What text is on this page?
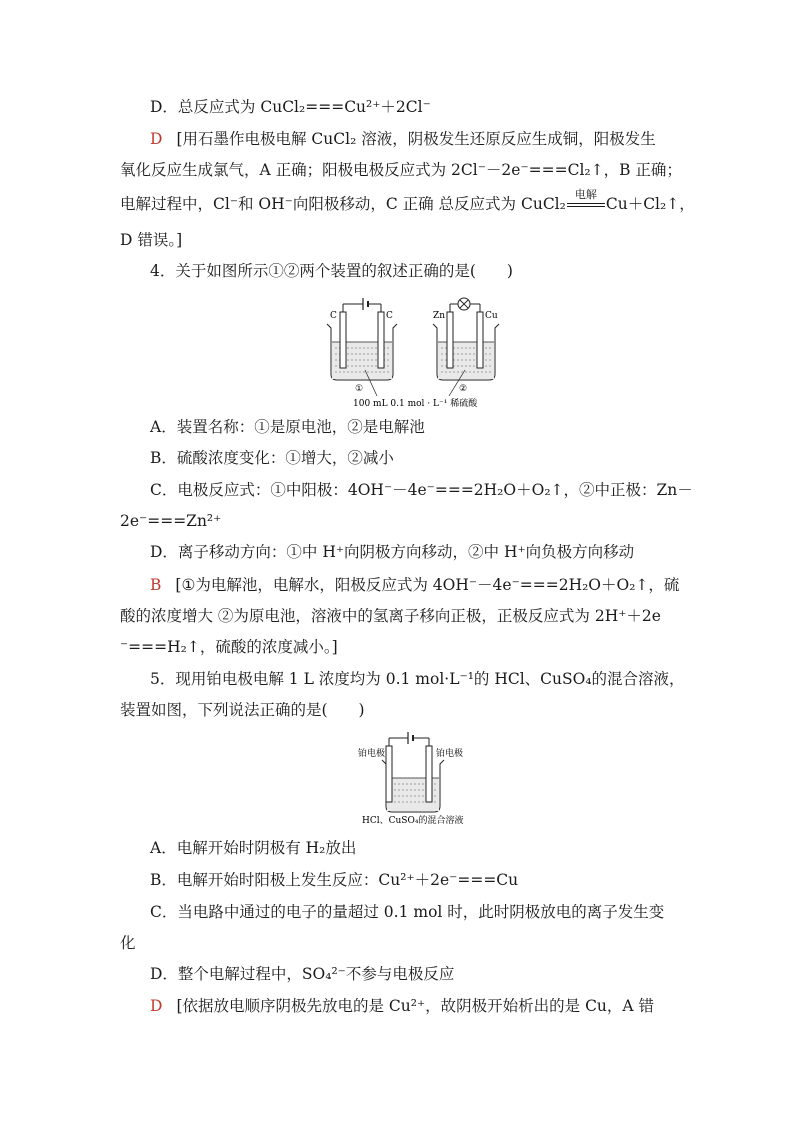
D．总反应式为 CuCl₂===Cu²⁺＋2Cl⁻
D [用石墨作电极电解 CuCl₂ 溶液，阴极发生还原反应生成铜，阳极发生
氧化反应生成氯气，A 正确；阳极电极反应式为 2Cl⁻－2e⁻===Cl₂↑，B 正确；
电解过程中，Cl⁻和 OH⁻向阳极移动，C 正确 总反应式为 CuCl₂
电解
Cu＋Cl₂↑，
D 错误。]
4．关于如图所示①②两个装置的叙述正确的是(　　)
C	C
①
Zn	Cu
②
100 mL 0.1 mol · L⁻¹ 稀硫酸
A．装置名称：①是原电池，②是电解池
B．硫酸浓度变化：①增大，②减小
C．电极反应式：①中阳极：4OH⁻－4e⁻===2H₂O＋O₂↑，②中正极：Zn－
2e⁻===Zn²⁺
D．离子移动方向：①中 H⁺向阴极方向移动，②中 H⁺向负极方向移动
B [①为电解池，电解水，阳极反应式为 4OH⁻－4e⁻===2H₂O＋O₂↑，硫
酸的浓度增大 ②为原电池，溶液中的氢离子移向正极，正极反应式为 2H⁺＋2e
⁻===H₂↑，硫酸的浓度减小。]
5．现用铂电极电解 1 L 浓度均为 0.1 mol·L⁻¹的 HCl、CuSO₄的混合溶液，
装置如图，下列说法正确的是(　　)
铂电极	铂电极
HCl、CuSO₄的混合溶液
A．电解开始时阴极有 H₂放出
B．电解开始时阳极上发生反应：Cu²⁺＋2e⁻===Cu
C．当电路中通过的电子的量超过 0.1 mol 时，此时阴极放电的离子发生变
化
D．整个电解过程中，SO₄²⁻不参与电极反应
D [依据放电顺序阴极先放电的是 Cu²⁺，故阴极开始析出的是 Cu，A 错
